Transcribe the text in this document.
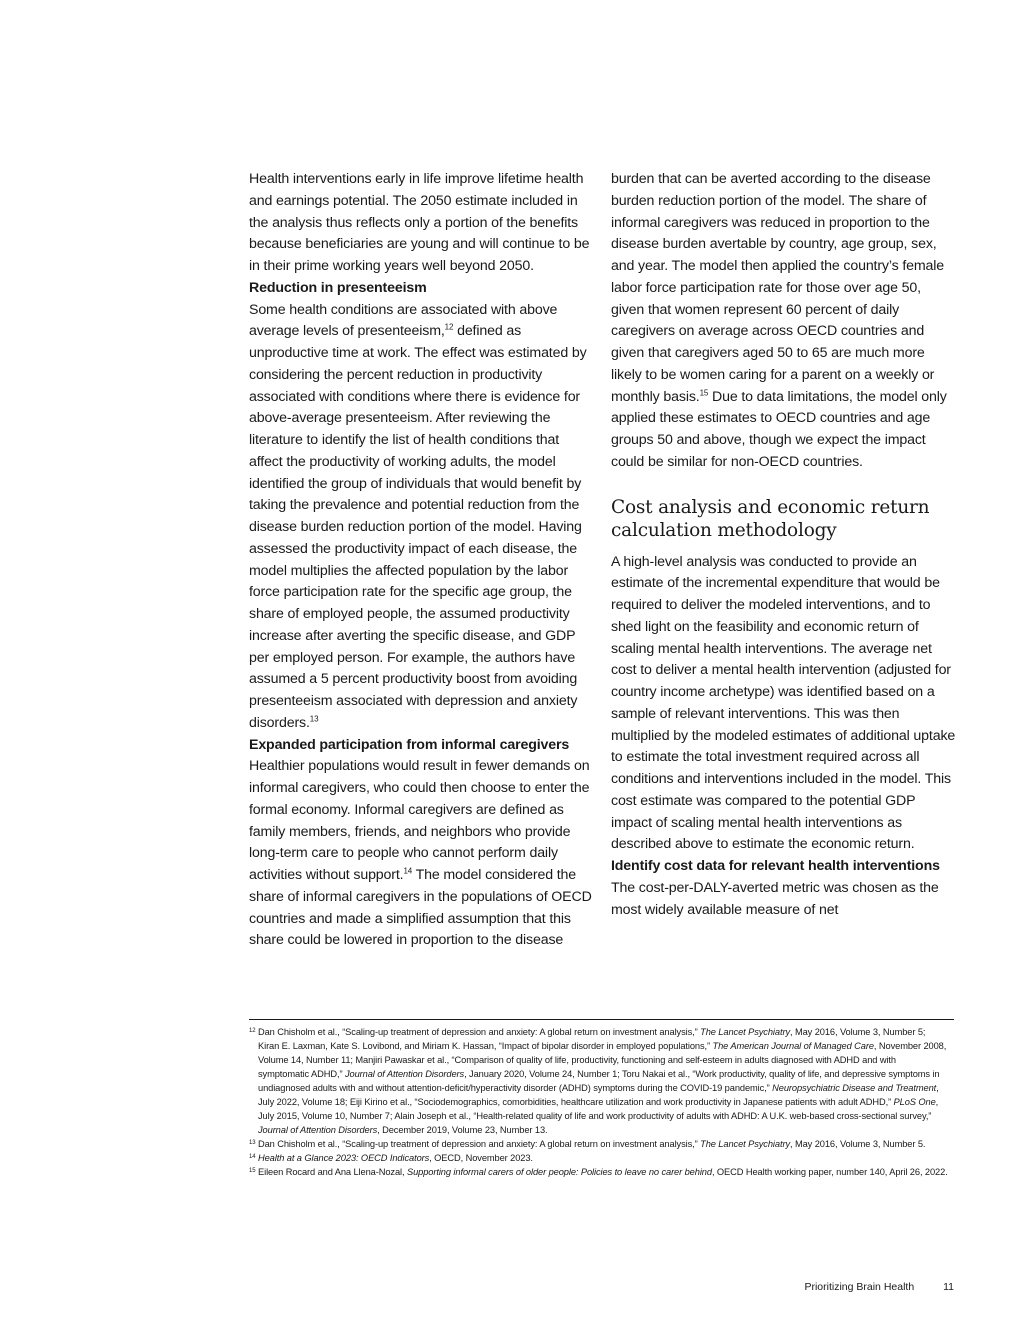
Health interventions early in life improve lifetime health and earnings potential. The 2050 estimate included in the analysis thus reflects only a portion of the benefits because beneficiaries are young and will continue to be in their prime working years well beyond 2050.

Reduction in presenteeism

Some health conditions are associated with above average levels of presenteeism,$^{12}$ defined as unproductive time at work. The effect was estimated by considering the percent reduction in productivity associated with conditions where there is evidence for above-average presenteeism. After reviewing the literature to identify the list of health conditions that affect the productivity of working adults, the model identified the group of individuals that would benefit by taking the prevalence and potential reduction from the disease burden reduction portion of the model. Having assessed the productivity impact of each disease, the model multiplies the affected population by the labor force participation rate for the specific age group, the share of employed people, the assumed productivity increase after averting the specific disease, and GDP per employed person. For example, the authors have assumed a 5 percent productivity boost from avoiding presenteeism associated with depression and anxiety disorders.$^{13}$

Expanded participation from informal caregivers

Healthier populations would result in fewer demands on informal caregivers, who could then choose to enter the formal economy. Informal caregivers are defined as family members, friends, and neighbors who provide long-term care to people who cannot perform daily activities without support.$^{14}$ The model considered the share of informal caregivers in the populations of OECD countries and made a simplified assumption that this share could be lowered in proportion to the disease

burden that can be averted according to the disease burden reduction portion of the model. The share of informal caregivers was reduced in proportion to the disease burden avertable by country, age group, sex, and year. The model then applied the country’s female labor force participation rate for those over age 50, given that women represent 60 percent of daily caregivers on average across OECD countries and given that caregivers aged 50 to 65 are much more likely to be women caring for a parent on a weekly or monthly basis.$^{15}$ Due to data limitations, the model only applied these estimates to OECD countries and age groups 50 and above, though we expect the impact could be similar for non-OECD countries.

Cost analysis and economic return calculation methodology

A high-level analysis was conducted to provide an estimate of the incremental expenditure that would be required to deliver the modeled interventions, and to shed light on the feasibility and economic return of scaling mental health interventions. The average net cost to deliver a mental health intervention (adjusted for country income archetype) was identified based on a sample of relevant interventions. This was then multiplied by the modeled estimates of additional uptake to estimate the total investment required across all conditions and interventions included in the model. This cost estimate was compared to the potential GDP impact of scaling mental health interventions as described above to estimate the economic return.

Identify cost data for relevant health interventions

The cost-per-DALY-averted metric was chosen as the most widely available measure of net

12 Dan Chisholm et al., “Scaling-up treatment of depression and anxiety: A global return on investment analysis,” The Lancet Psychiatry, May 2016, Volume 3, Number 5; Kiran E. Laxman, Kate S. Lovibond, and Miriam K. Hassan, “Impact of bipolar disorder in employed populations,” The American Journal of Managed Care, November 2008, Volume 14, Number 11; Manjiri Pawaskar et al., “Comparison of quality of life, productivity, functioning and self-esteem in adults diagnosed with ADHD and with symptomatic ADHD,” Journal of Attention Disorders, January 2020, Volume 24, Number 1; Toru Nakai et al., “Work productivity, quality of life, and depressive symptoms in undiagnosed adults with and without attention-deficit/hyperactivity disorder (ADHD) symptoms during the COVID-19 pandemic,” Neuropsychiatric Disease and Treatment, July 2022, Volume 18; Eiji Kirino et al., “Sociodemographics, comorbidities, healthcare utilization and work productivity in Japanese patients with adult ADHD,” PLoS One, July 2015, Volume 10, Number 7; Alain Joseph et al., “Health-related quality of life and work productivity of adults with ADHD: A U.K. web-based cross-sectional survey,” Journal of Attention Disorders, December 2019, Volume 23, Number 13.

13 Dan Chisholm et al., “Scaling-up treatment of depression and anxiety: A global return on investment analysis,” The Lancet Psychiatry, May 2016, Volume 3, Number 5.

14 Health at a Glance 2023: OECD Indicators, OECD, November 2023.

15 Eileen Rocard and Ana Llena-Nozal, Supporting informal carers of older people: Policies to leave no carer behind, OECD Health working paper, number 140, April 26, 2022.

Prioritizing Brain Health	11
